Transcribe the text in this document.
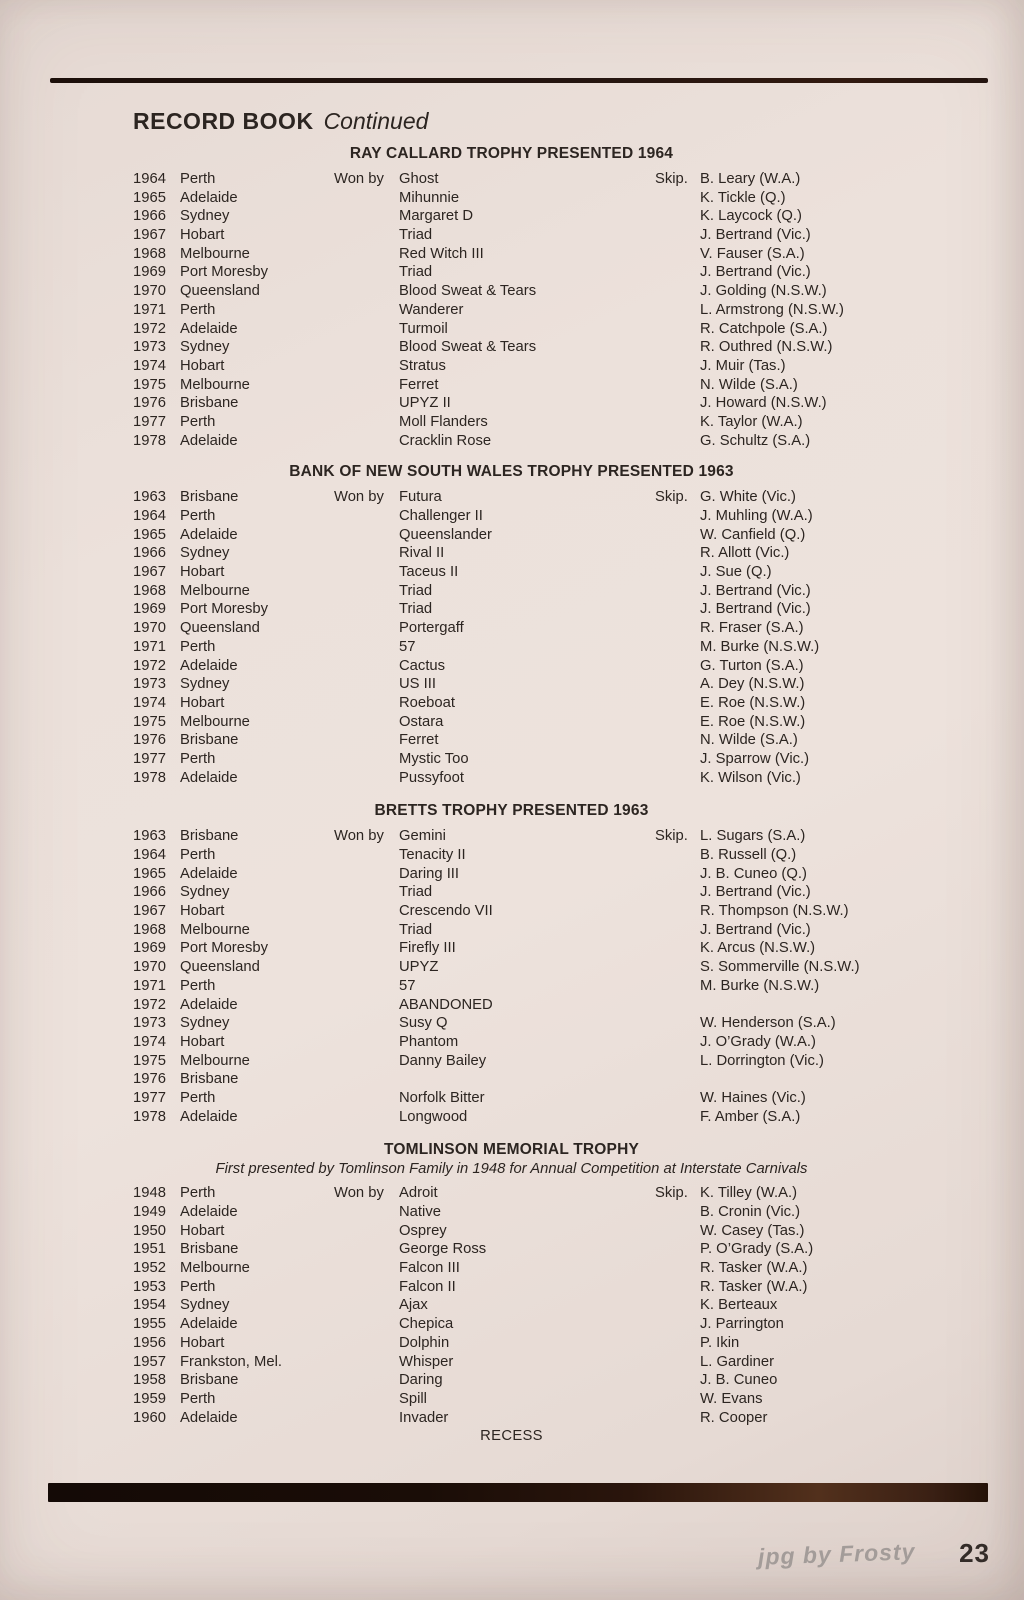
RECORD BOOK Continued
RAY CALLARD TROPHY PRESENTED 1964
1964 Perth	Won by	Ghost	Skip. B. Leary (W.A.)
1965 Adelaide	Mihunnie	K. Tickle (Q.)
1966 Sydney	Margaret D	K. Laycock (Q.)
1967 Hobart	Triad	J. Bertrand (Vic.)
1968 Melbourne	Red Witch III	V. Fauser (S.A.)
1969 Port Moresby	Triad	J. Bertrand (Vic.)
1970 Queensland	Blood Sweat & Tears	J. Golding (N.S.W.)
1971 Perth	Wanderer	L. Armstrong (N.S.W.)
1972 Adelaide	Turmoil	R. Catchpole (S.A.)
1973 Sydney	Blood Sweat & Tears	R. Outhred (N.S.W.)
1974 Hobart	Stratus	J. Muir (Tas.)
1975 Melbourne	Ferret	N. Wilde (S.A.)
1976 Brisbane	UPYZ II	J. Howard (N.S.W.)
1977 Perth	Moll Flanders	K. Taylor (W.A.)
1978 Adelaide	Cracklin Rose	G. Schultz (S.A.)
BANK OF NEW SOUTH WALES TROPHY PRESENTED 1963
1963 Brisbane	Won by	Futura	Skip. G. White (Vic.)
1964 Perth	Challenger II	J. Muhling (W.A.)
1965 Adelaide	Queenslander	W. Canfield (Q.)
1966 Sydney	Rival II	R. Allott (Vic.)
1967 Hobart	Taceus II	J. Sue (Q.)
1968 Melbourne	Triad	J. Bertrand (Vic.)
1969 Port Moresby	Triad	J. Bertrand (Vic.)
1970 Queensland	Portergaff	R. Fraser (S.A.)
1971 Perth	57	M. Burke (N.S.W.)
1972 Adelaide	Cactus	G. Turton (S.A.)
1973 Sydney	US III	A. Dey (N.S.W.)
1974 Hobart	Roeboat	E. Roe (N.S.W.)
1975 Melbourne	Ostara	E. Roe (N.S.W.)
1976 Brisbane	Ferret	N. Wilde (S.A.)
1977 Perth	Mystic Too	J. Sparrow (Vic.)
1978 Adelaide	Pussyfoot	K. Wilson (Vic.)
BRETTS TROPHY PRESENTED 1963
1963 Brisbane	Won by	Gemini	Skip. L. Sugars (S.A.)
1964 Perth	Tenacity II	B. Russell (Q.)
1965 Adelaide	Daring III	J. B. Cuneo (Q.)
1966 Sydney	Triad	J. Bertrand (Vic.)
1967 Hobart	Crescendo VII	R. Thompson (N.S.W.)
1968 Melbourne	Triad	J. Bertrand (Vic.)
1969 Port Moresby	Firefly III	K. Arcus (N.S.W.)
1970 Queensland	UPYZ	S. Sommerville (N.S.W.)
1971 Perth	57	M. Burke (N.S.W.)
1972 Adelaide	ABANDONED
1973 Sydney	Susy Q	W. Henderson (S.A.)
1974 Hobart	Phantom	J. O’Grady (W.A.)
1975 Melbourne	Danny Bailey	L. Dorrington (Vic.)
1976 Brisbane
1977 Perth	Norfolk Bitter	W. Haines (Vic.)
1978 Adelaide	Longwood	F. Amber (S.A.)
TOMLINSON MEMORIAL TROPHY
First presented by Tomlinson Family in 1948 for Annual Competition at Interstate Carnivals
1948 Perth	Won by	Adroit	Skip. K. Tilley (W.A.)
1949 Adelaide	Native	B. Cronin (Vic.)
1950 Hobart	Osprey	W. Casey (Tas.)
1951 Brisbane	George Ross	P. O’Grady (S.A.)
1952 Melbourne	Falcon III	R. Tasker (W.A.)
1953 Perth	Falcon II	R. Tasker (W.A.)
1954 Sydney	Ajax	K. Berteaux
1955 Adelaide	Chepica	J. Parrington
1956 Hobart	Dolphin	P. Ikin
1957 Frankston, Mel.	Whisper	L. Gardiner
1958 Brisbane	Daring	J. B. Cuneo
1959 Perth	Spill	W. Evans
1960 Adelaide	Invader	R. Cooper
RECESS
jpg by Frosty 23
